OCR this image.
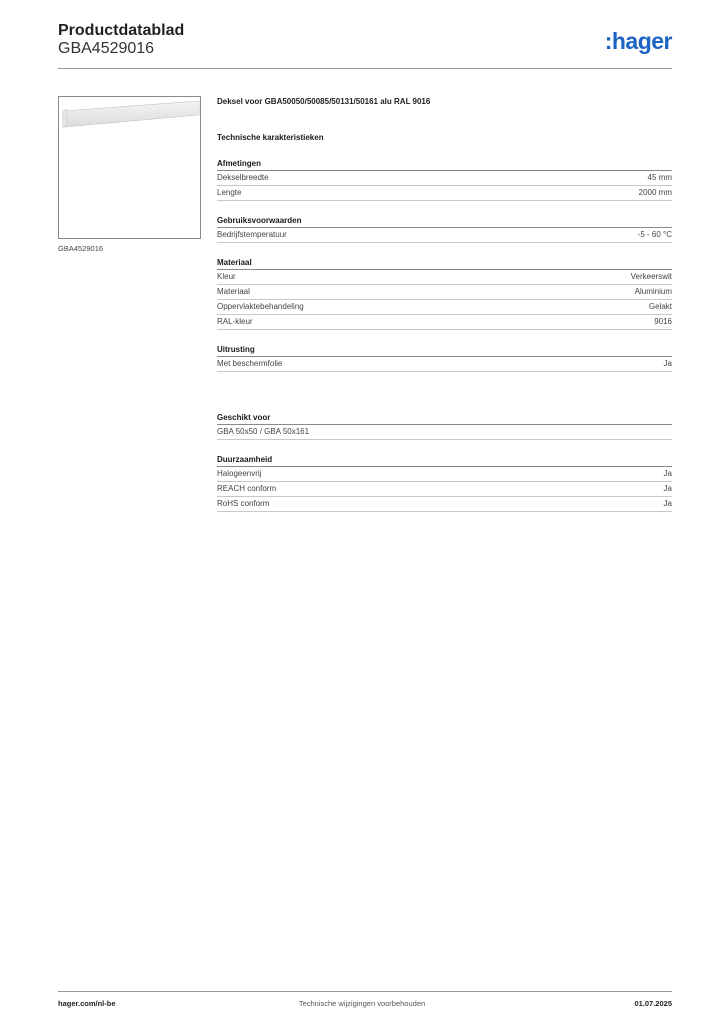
Productdatablad
GBA4529016	:hager
GBA4529016
Deksel voor GBA50050/50085/50131/50161 alu RAL 9016
Technische karakteristieken
Afmetingen
Dekselbreedte	45 mm
Lengte	2000 mm
Gebruiksvoorwaarden
Bedrijfstemperatuur	-5 - 60 °C
Materiaal
Kleur	Verkeerswit
Materiaal	Aluminium
Oppervlaktebehandeling	Gelakt
RAL-kleur	9016
Uitrusting
Met beschermfolie	Ja
Geschikt voor
GBA 50x50 / GBA 50x161
Duurzaamheid
Halogeenvrij	Ja
REACH conform	Ja
RoHS conform	Ja
hager.com/nl-be	Technische wijzigingen voorbehouden	01.07.2025
